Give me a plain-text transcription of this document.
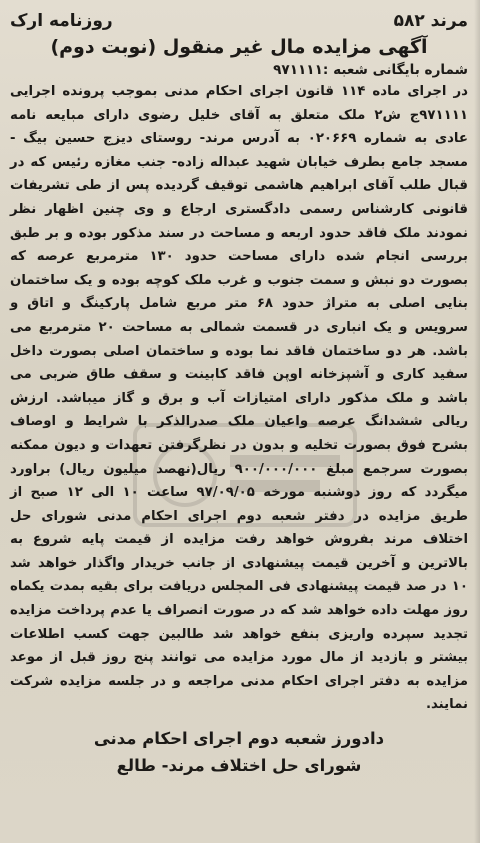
مرند ۵۸۲
روزنامه ارک
آگهی مزایده مال غیر منقول (نوبت دوم)
شماره بایگانی شعبه :۹۷۱۱۱۱
در اجرای ماده ۱۱۴ قانون اجرای احکام مدنی بموجب پرونده اجرایی ۹۷۱۱۱۱ج ش۲ ملک متعلق به آقای خلیل رضوی دارای مبایعه نامه عادی به شماره ۰۲۰۶۶۹ به آدرس مرند- روستای دیزج حسین بیگ - مسجد جامع بطرف خیابان شهید عبداله زاده- جنب مغازه رئیس که در قبال طلب آقای ابراهیم هاشمی توقیف گردیده پس از طی تشریفات قانونی کارشناس رسمی دادگستری ارجاع و وی چنین اظهار نظر نمودند ملک فاقد حدود اربعه و مساحت در سند مذکور بوده و بر طبق بررسی انجام شده دارای مساحت حدود ۱۳۰ مترمربع عرصه که بصورت دو نبش و سمت جنوب و غرب ملک کوچه بوده و یک ساختمان بنایی اصلی به متراژ حدود ۶۸ متر مربع شامل پارکینگ و اتاق و سرویس و یک انباری در قسمت شمالی به مساحت ۲۰ مترمربع می باشد. هر دو ساختمان فاقد نما بوده و ساختمان اصلی بصورت داخل سفید کاری و آشپزخانه اوپن فاقد کابینت و سقف طاق ضربی می باشد و ملک مذکور دارای امتیازات آب و برق و گاز میباشد. ارزش ریالی ششدانگ عرصه واعیان ملک صدرالذکر با شرایط و اوصاف بشرح فوق بصورت تخلیه و بدون در نظرگرفتن تعهدات و دیون ممکنه بصورت سرجمع مبلغ ۹۰۰/۰۰۰/۰۰۰ ریال(نهصد میلیون ریال) براورد میگردد که روز دوشنبه مورخه ۹۷/۰۹/۰۵ ساعت ۱۰ الی ۱۲ صبح از طریق مزایده در دفتر شعبه دوم اجرای احکام مدنی شورای حل اختلاف مرند بفروش خواهد رفت مزایده از قیمت پایه شروع به بالاترین و آخرین قیمت پیشنهادی از جانب خریدار واگذار خواهد شد ۱۰ در صد قیمت پیشنهادی فی المجلس دریافت برای بقیه بمدت یکماه روز مهلت داده خواهد شد که در صورت انصراف یا عدم پرداخت مزایده تجدید سپرده واریزی بنفع خواهد شد طالبین جهت کسب اطلاعات بیشتر و بازدید از مال مورد مزایده می توانند پنج روز قبل از موعد مزایده به دفتر اجرای احکام مدنی مراجعه و در جلسه مزایده شرکت نمایند.
دادورز شعبه دوم اجرای احکام مدنی
شورای حل اختلاف مرند- طالع
